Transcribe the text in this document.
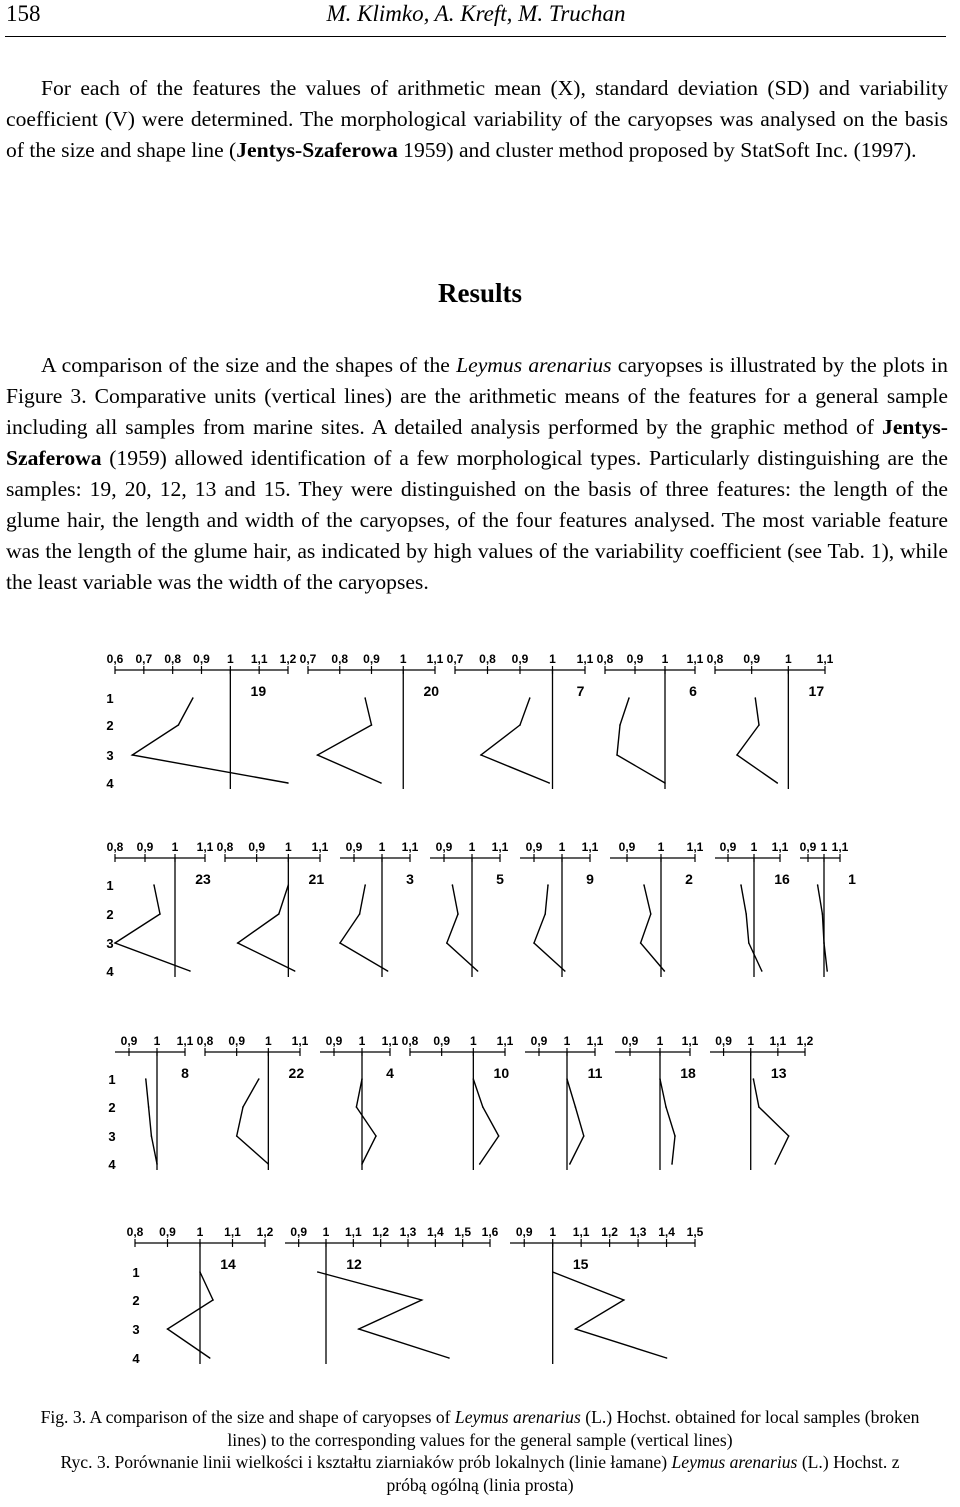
158	M. Klimko, A. Kreft, M. Truchan

For each of the features the values of arithmetic mean (X), standard deviation (SD) and variability coefficient (V) were determined. The morphological variability of the caryopses was analysed on the basis of the size and shape line (Jentys-Szaferowa 1959) and cluster method proposed by StatSoft Inc. (1997).

Results

A comparison of the size and the shapes of the Leymus arenarius caryopses is illustrated by the plots in Figure 3. Comparative units (vertical lines) are the arithmetic means of the features for a general sample including all samples from marine sites. A detailed analysis performed by the graphic method of Jentys-Szaferowa (1959) allowed identification of a few morphological types. Particularly distinguishing are the samples: 19, 20, 12, 13 and 15. They were distinguished on the basis of three features: the length of the glume hair, the length and width of the caryopses, of the four features analysed. The most variable feature was the length of the glume hair, as indicated by high values of the variability coefficient (see Tab. 1), while the least variable was the width of the caryopses.

1
2
3
4
0,6 0,7 0,8 0,9 1 1,1 1,2
19
0,7 0,8 0,9 1 1,1
20
0,7 0,8 0,9 1 1,1
7
0,8 0,9 1 1,1
6
0,8 0,9 1 1,1
17
1
2
3
4
0,8 0,9 1 1,1
23
0,8 0,9 1 1,1
21
0,9 1 1,1
3
0,9 1 1,1
5
0,9 1 1,1
9
0,9 1 1,1
2
0,9 1 1,1
16
0,9 1 1,1
1
1
2
3
4
0,9 1 1,1
8
0,8 0,9 1 1,1
22
0,9 1 1,1
4
0,8 0,9 1 1,1
10
0,9 1 1,1
11
0,9 1 1,1
18
0,9 1 1,1 1,2
13
1
2
3
4
0,8 0,9 1 1,1 1,2
14
0,9 1 1,1 1,2 1,3 1,4 1,5 1,6
12
0,9 1 1,1 1,2 1,3 1,4 1,5
15

Fig. 3. A comparison of the size and shape of caryopses of Leymus arenarius (L.) Hochst. obtained for local samples (broken lines) to the corresponding values for the general sample (vertical lines)
Ryc. 3. Porównanie linii wielkości i kształtu ziarniaków prób lokalnych (linie łamane) Leymus arenarius (L.) Hochst. z próbą ogólną (linia prosta)
